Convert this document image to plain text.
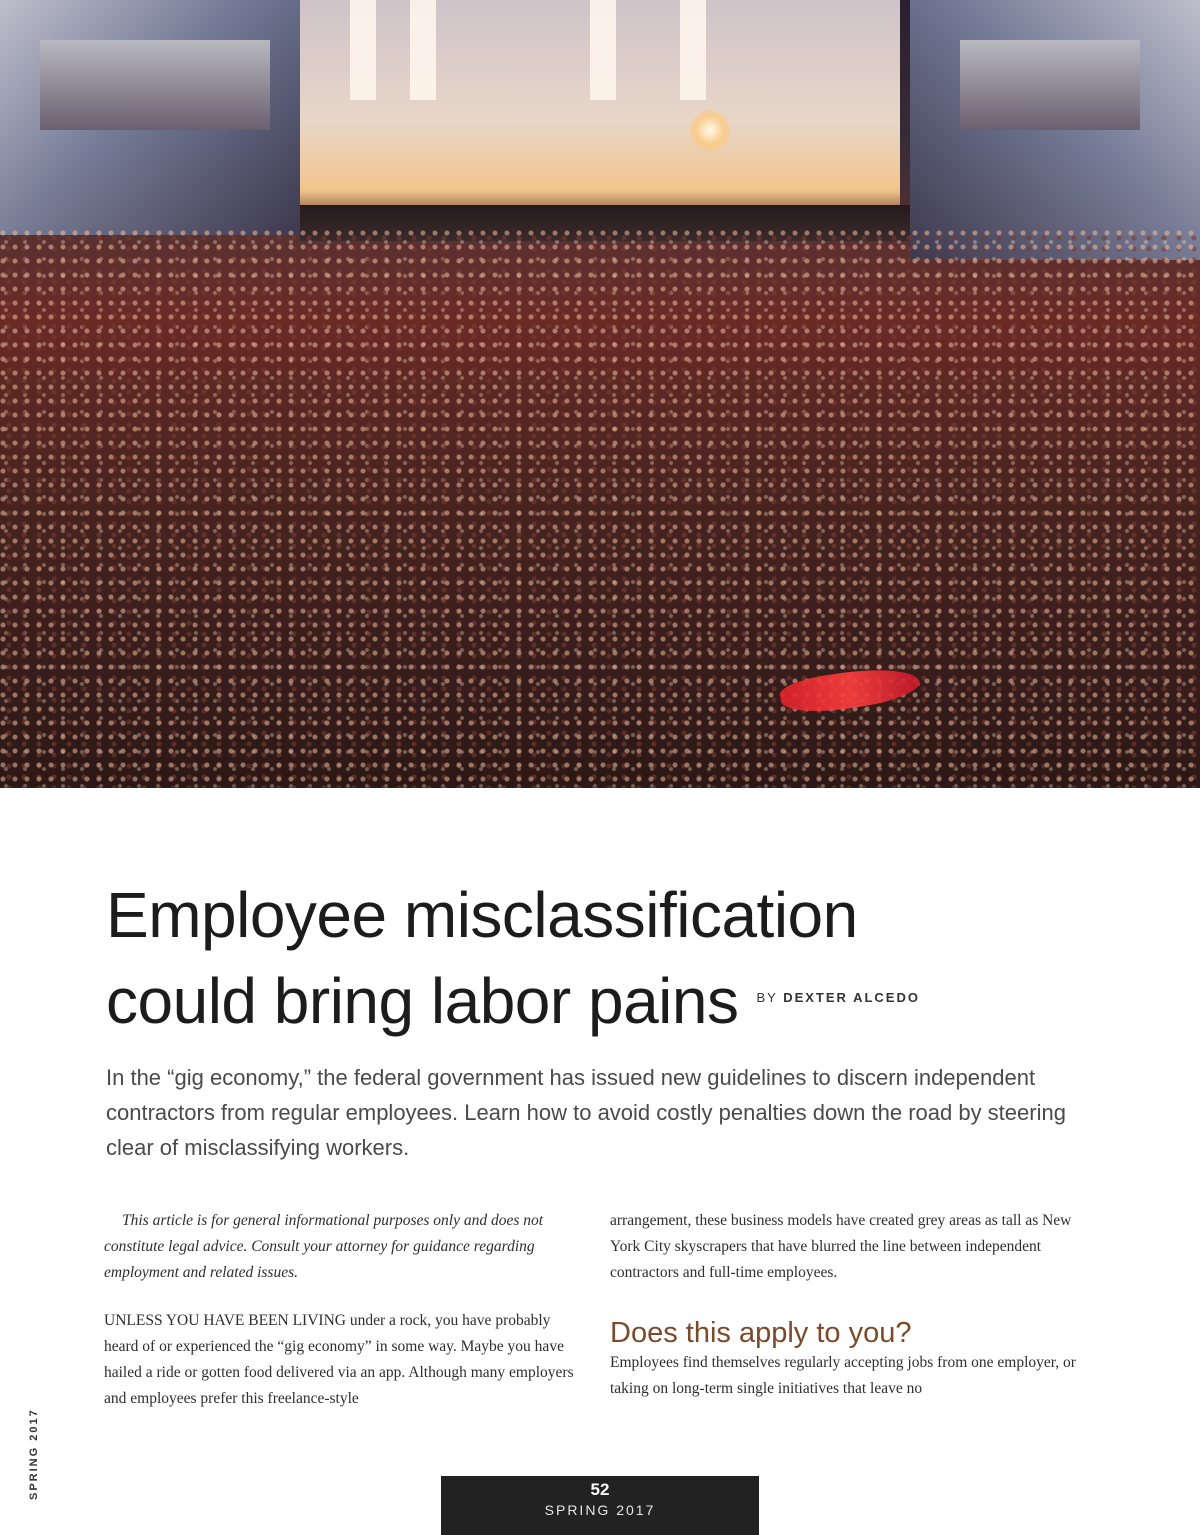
Employee misclassification
could bring labor pains BY DEXTER ALCEDO

In the “gig economy,” the federal government has issued new guidelines to discern independent contractors from regular employees. Learn how to avoid costly penalties down the road by steering clear of misclassifying workers.

This article is for general informational purposes only and does not constitute legal advice. Consult your attorney for guidance regarding employment and related issues.

UNLESS YOU HAVE BEEN LIVING under a rock, you have probably heard of or experienced the “gig economy” in some way. Maybe you have hailed a ride or gotten food delivered via an app. Although many employers and employees prefer this freelance-style

arrangement, these business models have created grey areas as tall as New York City skyscrapers that have blurred the line between independent contractors and full-time employees.

Does this apply to you?

Employees find themselves regularly accepting jobs from one employer, or taking on long-term single initiatives that leave no

SPRING 2017	52
SPRING 2017
